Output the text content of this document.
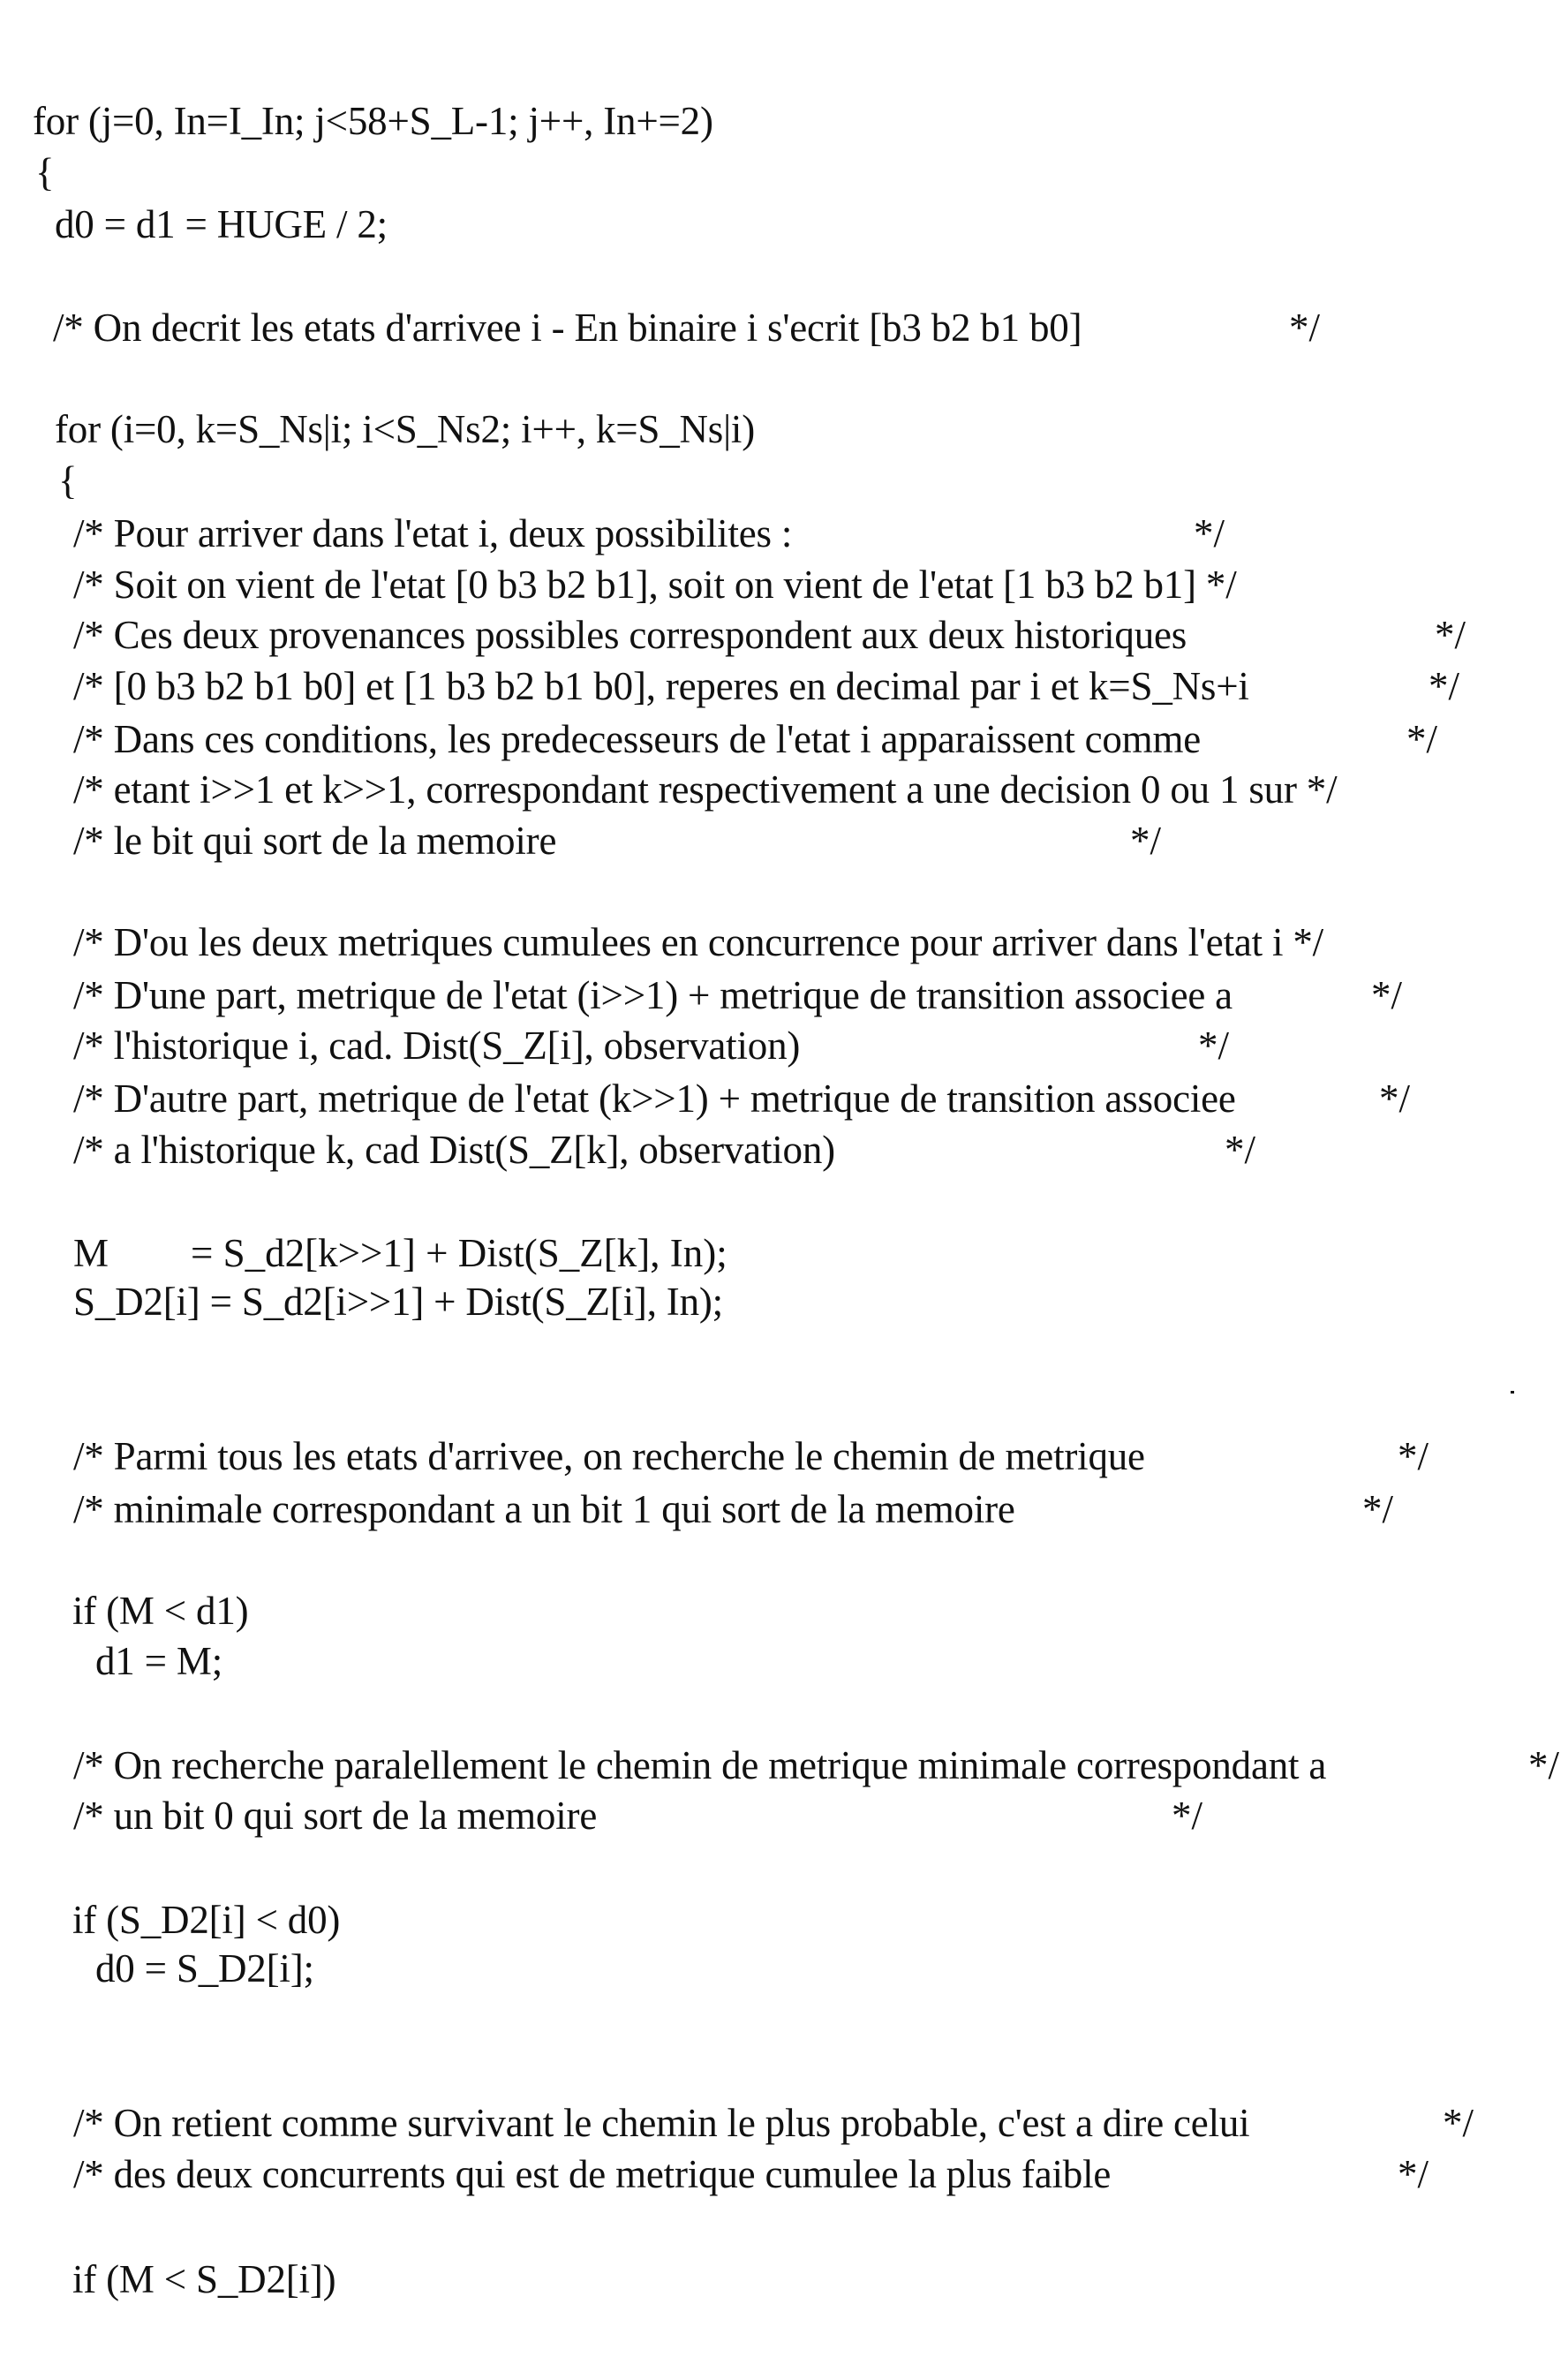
for (j=0, In=I_In; j<58+S_L-1; j++, In+=2)
{
d0 = d1 = HUGE / 2;
/* On decrit les etats d'arrivee i - En binaire i s'ecrit [b3 b2 b1 b0]	*/
for (i=0, k=S_Ns|i; i<S_Ns2; i++, k=S_Ns|i)
{
/* Pour arriver dans l'etat i, deux possibilites :	*/
/* Soit on vient de l'etat [0 b3 b2 b1], soit on vient de l'etat [1 b3 b2 b1] */
/* Ces deux provenances possibles correspondent aux deux historiques	*/
/* [0 b3 b2 b1 b0] et [1 b3 b2 b1 b0], reperes en decimal par i et k=S_Ns+i	*/
/* Dans ces conditions, les predecesseurs de l'etat i apparaissent comme	*/
/* etant i>>1 et k>>1, correspondant respectivement a une decision 0 ou 1 sur */
/* le bit qui sort de la memoire	*/
/* D'ou les deux metriques cumulees en concurrence pour arriver dans l'etat i */
/* D'une part, metrique de l'etat (i>>1) + metrique de transition associee a	*/
/* l'historique i, cad. Dist(S_Z[i], observation)	*/
/* D'autre part, metrique de l'etat (k>>1) + metrique de transition associee	*/
/* a l'historique k, cad Dist(S_Z[k], observation)	*/
M = S_d2[k>>1] + Dist(S_Z[k], In);
S_D2[i] = S_d2[i>>1] + Dist(S_Z[i], In);
/* Parmi tous les etats d'arrivee, on recherche le chemin de metrique	*/
/* minimale correspondant a un bit 1 qui sort de la memoire	*/
if (M < d1)
d1 = M;
/* On recherche paralellement le chemin de metrique minimale correspondant a	*/
/* un bit 0 qui sort de la memoire	*/
if (S_D2[i] < d0)
d0 = S_D2[i];
/* On retient comme survivant le chemin le plus probable, c'est a dire celui	*/
/* des deux concurrents qui est de metrique cumulee la plus faible	*/
if (M < S_D2[i])
